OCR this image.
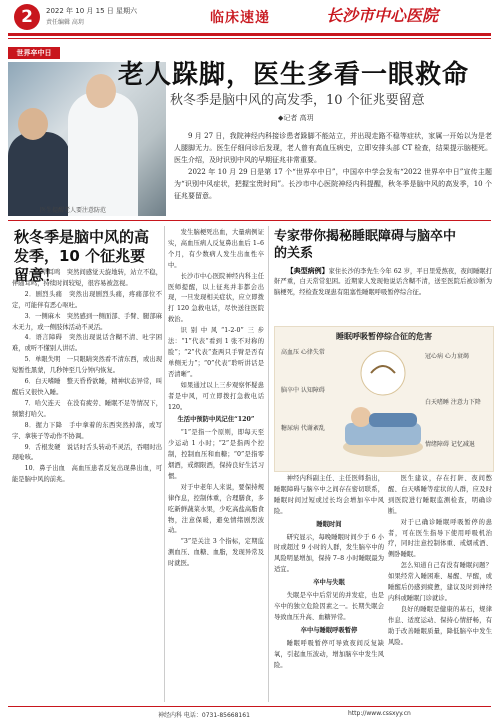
2	2022 年 10 月 15 日 星期六
责任编辑 高玥	临床速递	长沙市中心医院
世界卒中日
医生提醒老人要注意防范
老人跺脚，医生多看一眼救命
秋冬季是脑中风的高发季，10 个征兆要留意
◆记者 高玥

9 月 27 日，我院神经内科接诊患者跺脚不能站立，并出现走路不稳等症状，家属一开始以为是老人腿脚无力。医生仔细问诊后发现，老人曾有高血压病史，立即安排头部 CT 检查，结果提示脑梗死。医生介绍，及时识别中风的早期征兆非常重要。

2022 年 10 月 29 日是第 17 个“世界卒中日”，中国卒中学会发布“2022 世界卒中日”宣传主题为“识别中风症状，把握宝贵时间”。长沙市中心医院神经内科提醒，秋冬季是脑中风的高发季，10 个征兆要留意。

秋冬季是脑中风的高发季，10 个征兆要留意！

1．眩晕耳鸣　突然间感觉天旋地转，站立不稳，伴随耳鸣，持续时间较短，很容易被忽视。

2．剧烈头痛　突然出现剧烈头痛，疼痛部位不定，可能伴有恶心呕吐。

3．一侧麻木　突然感到一侧面部、手臂、腿部麻木无力，或一侧肢体活动不灵活。

4．语言障碍　突然出现说话含糊不清、吐字困难，或听不懂别人讲话。

5．单眼失明　一只眼睛突然看不清东西，或出现短暂性黑蒙，几秒钟至几分钟内恢复。

6．白天嗜睡　整天昏昏欲睡，精神状态异常，叫醒后又很快入睡。

7．哈欠连天　在没有疲劳、睡眠不足等情况下，频繁打哈欠。

8．握力下降　手中拿着的东西突然掉落，或写字、拿筷子等动作不协调。

9．舌根发硬　说话时舌头转动不灵活，吞咽时出现呛咳。

10．鼻子出血　高血压患者反复出现鼻出血，可能是脑中风的前兆。

发生脑梗死出血，大量病例证实，高血压病人反复鼻出血后 1–6 个月，有少数病人发生出血性卒中。

长沙市中心医院神经内科主任医师提醒，以上征兆并非都会出现，一旦发现相关症状，应立即拨打 120 急救电话，尽快送往医院救治。

识别中风“1-2-0”三步法：“1”代表“看到 1 张不对称的脸”；“2”代表“查两只手臂是否有单侧无力”；“0”代表“聆听讲话是否清晰”。

如果通过以上三步观察怀疑患者是中风，可立即拨打急救电话 120。

生活中预防中风记住“120”

“1”是指一个原则，即每天至少运动 1 小时；“2”是指两个控制，控制血压和血糖；“0”是指零烟酒，戒烟限酒，保持良好生活习惯。

对于中老年人来说，要保持规律作息，控制体重，合理膳食，多吃新鲜蔬菜水果，少吃高盐高脂食物，注意保暖，避免情绪剧烈波动。

“3”是关注 3 个指标，定期监测血压、血糖、血脂，发现异常及时就医。

专家带你揭秘睡眠障碍与脑卒中的关系

【典型病例】家住长沙的李先生今年 62 岁，平日里爱熬夜，夜间睡眠打鼾严重，白天常常犯困。近期家人发现他说话含糊不清，送至医院后被诊断为脑梗死，经检查发现患有阻塞性睡眠呼吸暂停综合征。

睡眠呼吸暂停综合征的危害
高血压 心律失常
脑卒中 认知障碍
糖尿病 代谢紊乱
冠心病 心力衰竭
白天嗜睡 注意力下降
情绪障碍 记忆减退

神经内科副主任、主任医师指出，睡眠障碍与脑卒中之间存在密切联系，睡眠时间过短或过长均会增加卒中风险。

睡眠时间

研究显示，每晚睡眠时间少于 6 小时或超过 9 小时的人群，发生脑卒中的风险明显增加，保持 7–8 小时睡眠最为适宜。

卒中与失眠

失眠是卒中后常见的并发症，也是卒中的独立危险因素之一。长期失眠会导致血压升高、血糖异常。

卒中与睡眠呼吸暂停

睡眠呼吸暂停可导致夜间反复缺氧，引起血压波动，增加脑卒中发生风险。

医生建议，存在打鼾、夜间憋醒、白天嗜睡等症状的人群，应及时到医院进行睡眠监测检查，明确诊断。

对于已确诊睡眠呼吸暂停的患者，可在医生指导下使用呼吸机治疗，同时注意控制体重、戒烟戒酒、侧卧睡眠。

怎么知道自己有没有睡眠问题？如果经常入睡困难、易醒、早醒，或睡醒后仍感到疲惫，建议及时到神经内科或睡眠门诊就诊。

良好的睡眠是健康的基石，规律作息、适度运动、保持心情舒畅，有助于改善睡眠质量，降低脑卒中发生风险。

神经内科 电话：0731-85668161	http://www.cssxyy.cn
